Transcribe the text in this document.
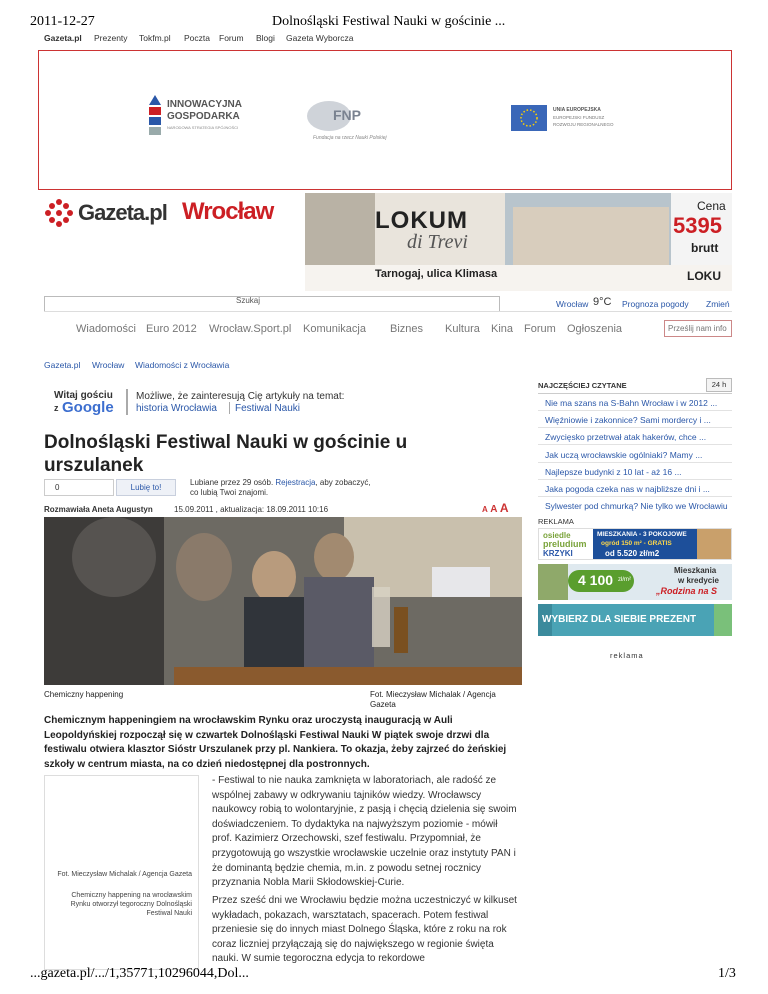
2011-12-27	Dolnośląski Festiwal Nauki w gościnie ...
Gazeta.pl Prezenty Tokfm.pl Poczta Forum Blogi Gazeta Wyborcza
INNOWACYJNA
GOSPODARKA
NARODOWA STRATEGIA SPÓJNOŚCI
FNP
Fundacja na rzecz Nauki Polskiej
UNIA EUROPEJSKA
EUROPEJSKI FUNDUSZ
ROZWOJU REGIONALNEGO
Gazeta.pl Wrocław	LOKUM
di Trevi
Tarnogaj, ulica Klimasa
Cena
5395
brutt
LOKU
Szukaj	Wrocław 9°C Prognoza pogody Zmień
Wiadomości Euro 2012 Wrocław.Sport.pl Komunikacja Biznes Kultura Kina Forum Ogłoszenia
Prześlij nam info
Gazeta.pl Wrocław Wiadomości z Wrocławia
Witaj gościu
z Google
Możliwe, że zainteresują Cię artykuły na temat:
historia Wrocławia Festiwal Nauki
Dolnośląski Festiwal Nauki w gościnie u urszulanek
0	Lubię to!
Lubiane przez 29 osób. Rejestracja, aby zobaczyć,
co lubią Twoi znajomi.
Rozmawiała Aneta Augustyn	15.09.2011 , aktualizacja: 18.09.2011 10:16	A A A
Chemiczny happening	Fot. Mieczysław Michalak / Agencja Gazeta
Chemicznym happeningiem na wrocławskim Rynku oraz uroczystą inauguracją w Auli Leopoldyńskiej rozpoczął się w czwartek Dolnośląski Festiwal Nauki W piątek swoje drzwi dla festiwalu otwiera klasztor Sióstr Urszulanek przy pl. Nankiera. To okazja, żeby zajrzeć do żeńskiej szkoły w centrum miasta, na co dzień niedostępnej dla postronnych.
Fot. Mieczysław Michalak / Agencja Gazeta
Chemiczny happening na wrocławskim Rynku otworzył tegoroczny Dolnośląski Festiwal Nauki
- Festiwal to nie nauka zamknięta w laboratoriach, ale radość ze wspólnej zabawy w odkrywaniu tajników wiedzy. Wrocławscy naukowcy robią to wolontaryjnie, z pasją i chęcią dzielenia się swoim doświadczeniem. To dydaktyka na najwyższym poziomie - mówił prof. Kazimierz Orzechowski, szef festiwalu. Przypomniał, że przygotowują go wszystkie wrocławskie uczelnie oraz instytuty PAN i że dominantą będzie chemia, m.in. z powodu setnej rocznicy przyznania Nobla Marii Skłodowskiej-Curie.
Przez sześć dni we Wrocławiu będzie można uczestniczyć w kilkuset wykładach, pokazach, warsztatach, spacerach. Potem festiwal przeniesie się do innych miast Dolnego Śląska, które z roku na rok coraz liczniej przyłączają się do największego w regionie święta nauki. W sumie tegoroczna edycja to rekordowe
NAJCZĘŚCIEJ CZYTANE	24 h
Nie ma szans na S-Bahn Wrocław i w 2012 ...
Więźniowie i zakonnice? Sami mordercy i ...
Zwycięsko przetrwał atak hakerów, chce ...
Jak uczą wrocławskie ogólniaki? Mamy ...
Najlepsze budynki z 10 lat - aż 16 ...
Jaka pogoda czeka nas w najbliższe dni i ...
Sylwester pod chmurką? Nie tylko we Wrocławiu
REKLAMA
osiedle
preludium
KRZYKI
MIESZKANIA - 3 POKOJOWE
ogród 150 m² - GRATIS
od 5.520 zł/m2
4 100 zł/m²
Mieszkania
w kredycie
„Rodzina na S
WYBIERZ DLA SIEBIE PREZENT
reklama
...gazeta.pl/.../1,35771,10296044,Dol...	1/3
